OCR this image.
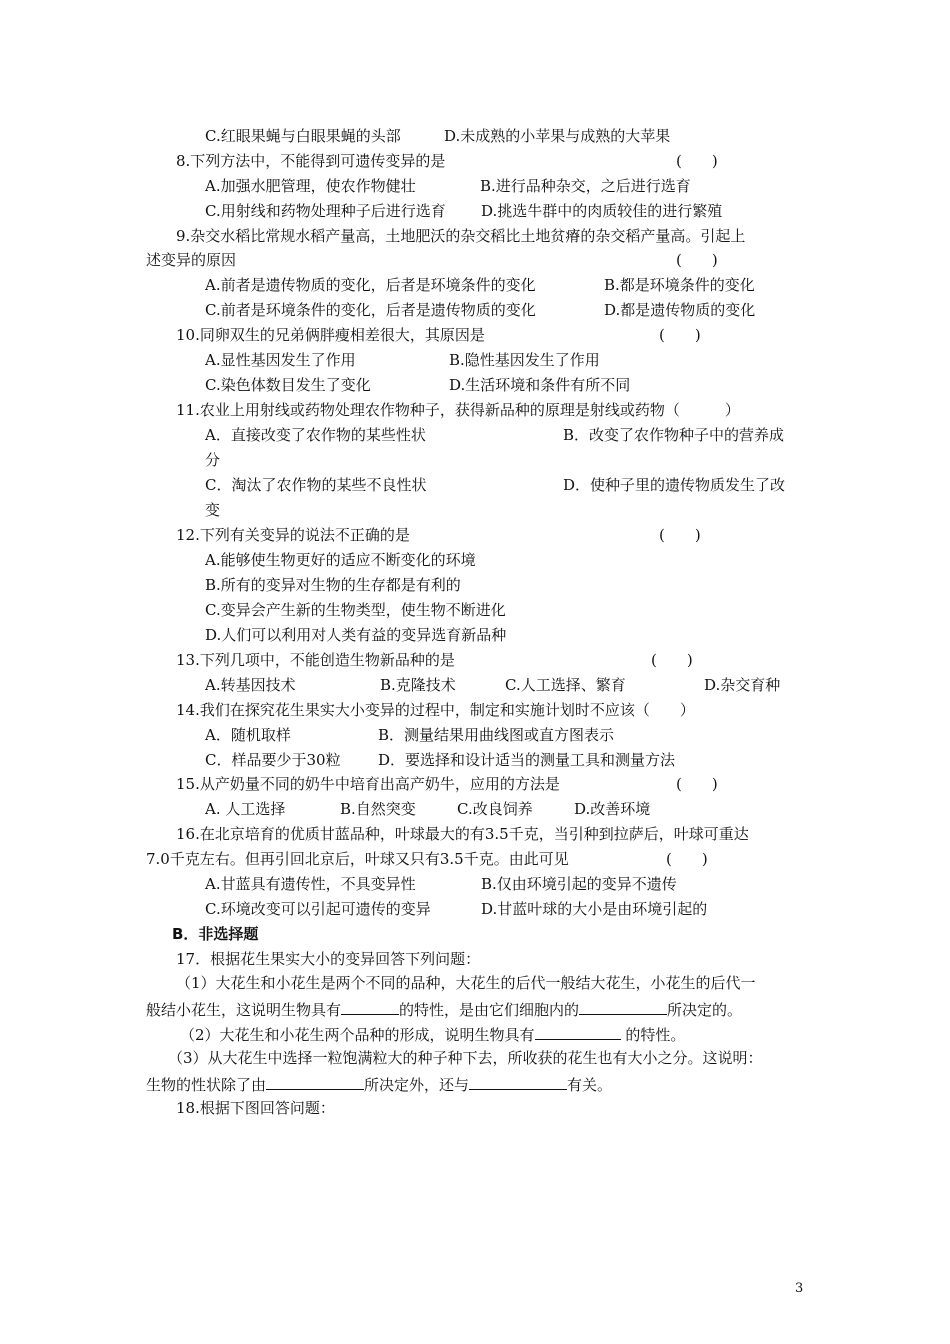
C.红眼果蝇与白眼果蝇的头部	D.未成熟的小苹果与成熟的大苹果
8.下列方法中，不能得到可遗传变异的是	(　　)
A.加强水肥管理，使农作物健壮	B.进行品种杂交，之后进行选育
C.用射线和药物处理种子后进行选育 D.挑选牛群中的肉质较佳的进行繁殖
9.杂交水稻比常规水稻产量高，土地肥沃的杂交稻比土地贫瘠的杂交稻产量高。引起上
述变异的原因	(　　)
A.前者是遗传物质的变化，后者是环境条件的变化	B.都是环境条件的变化
C.前者是环境条件的变化，后者是遗传物质的变化	D.都是遗传物质的变化
10.同卵双生的兄弟俩胖瘦相差很大，其原因是	(　　)
A.显性基因发生了作用	B.隐性基因发生了作用
C.染色体数目发生了变化	D.生活环境和条件有所不同
11.农业上用射线或药物处理农作物种子，获得新品种的原理是射线或药物（　　　）
A．直接改变了农作物的某些性状	B．改变了农作物种子中的营养成
分
C．淘汰了农作物的某些不良性状	D．使种子里的遗传物质发生了改
变
12.下列有关变异的说法不正确的是	(　　)
A.能够使生物更好的适应不断变化的环境
B.所有的变异对生物的生存都是有利的
C.变异会产生新的生物类型，使生物不断进化
D.人们可以利用对人类有益的变异选育新品种
13.下列几项中，不能创造生物新品种的是	(　　)
A.转基因技术	B.克隆技术	C.人工选择、繁育	D.杂交育种
14.我们在探究花生果实大小变异的过程中，制定和实施计划时不应该（　　）
A．随机取样	B．测量结果用曲线图或直方图表示
C．样品要少于30粒 D．要选择和设计适当的测量工具和测量方法
15.从产奶量不同的奶牛中培育出高产奶牛，应用的方法是	(　　)
A. 人工选择	B.自然突变	C.改良饲养	D.改善环境
16.在北京培育的优质甘蓝品种，叶球最大的有3.5千克，当引种到拉萨后，叶球可重达
7.0千克左右。但再引回北京后，叶球又只有3.5千克。由此可见	(　　)
A.甘蓝具有遗传性，不具变异性	B.仅由环境引起的变异不遗传
C.环境改变可以引起可遗传的变异	D.甘蓝叶球的大小是由环境引起的
B．非选择题
17．根据花生果实大小的变异回答下列问题：
（1）大花生和小花生是两个不同的品种，大花生的后代一般结大花生，小花生的后代一
般结小花生，这说明生物具有	的特性，是由它们细胞内的	所决定的。
（2）大花生和小花生两个品种的形成，说明生物具有	的特性。
（3）从大花生中选择一粒饱满粒大的种子种下去，所收获的花生也有大小之分。这说明：
生物的性状除了由	所决定外，还与	有关。
18.根据下图回答问题：
3
